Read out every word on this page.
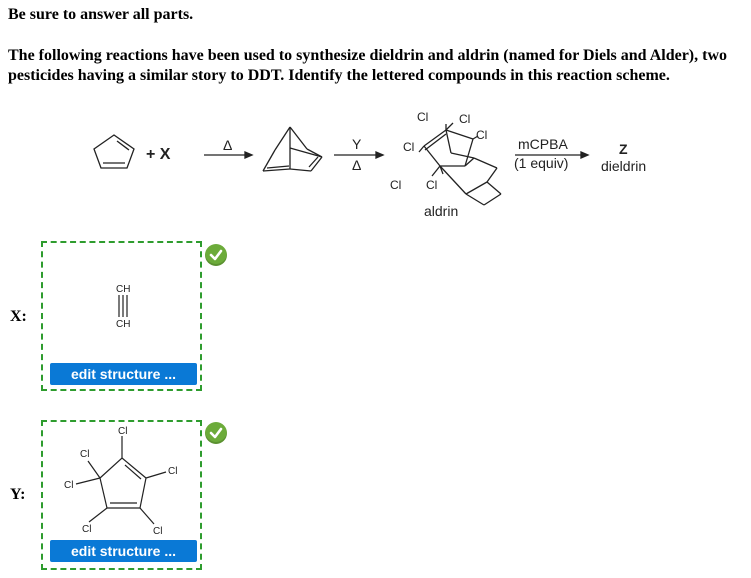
Be sure to answer all parts.
The following reactions have been used to synthesize dieldrin and aldrin (named for Diels and Alder), two pesticides having a similar story to DDT. Identify the lettered compounds in this reaction scheme.
+ X
Δ	Y
Δ
Cl	Cl
Cl
Cl
Cl Cl
aldrin
mCPBA
(1 equiv)
Z
dieldrin
X:
CH
CH
edit structure ...
Y:
Cl
Cl
Cl
Cl
Cl	Cl
edit structure ...
